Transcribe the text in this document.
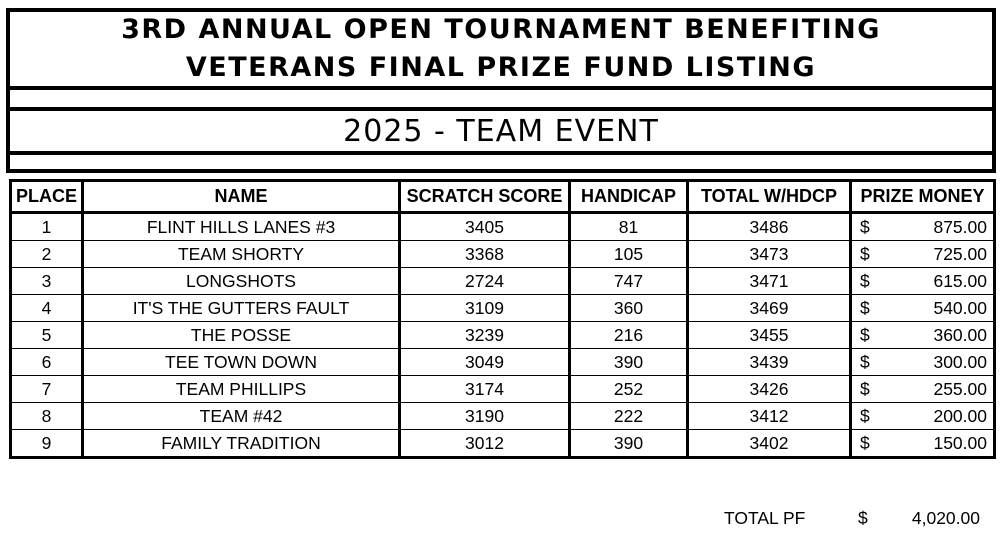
3RD ANNUAL OPEN TOURNAMENT BENEFITING
VETERANS FINAL PRIZE FUND LISTING
2025 - TEAM EVENT
PLACE	NAME	SCRATCH SCORE	HANDICAP	TOTAL W/HDCP	PRIZE MONEY
1	FLINT HILLS LANES #3	3405	81	3486	$ 875.00

2	TEAM SHORTY	3368	105	3473	$ 725.00

3	LONGSHOTS	2724	747	3471	$ 615.00

4	IT'S THE GUTTERS FAULT	3109	360	3469	$ 540.00

5	THE POSSE	3239	216	3455	$ 360.00

6	TEE TOWN DOWN	3049	390	3439	$ 300.00

7	TEAM PHILLIPS	3174	252	3426	$ 255.00

8	TEAM #42	3190	222	3412	$ 200.00

9	FAMILY TRADITION	3012	390	3402	$ 150.00
TOTAL PF	$	4,020.00
